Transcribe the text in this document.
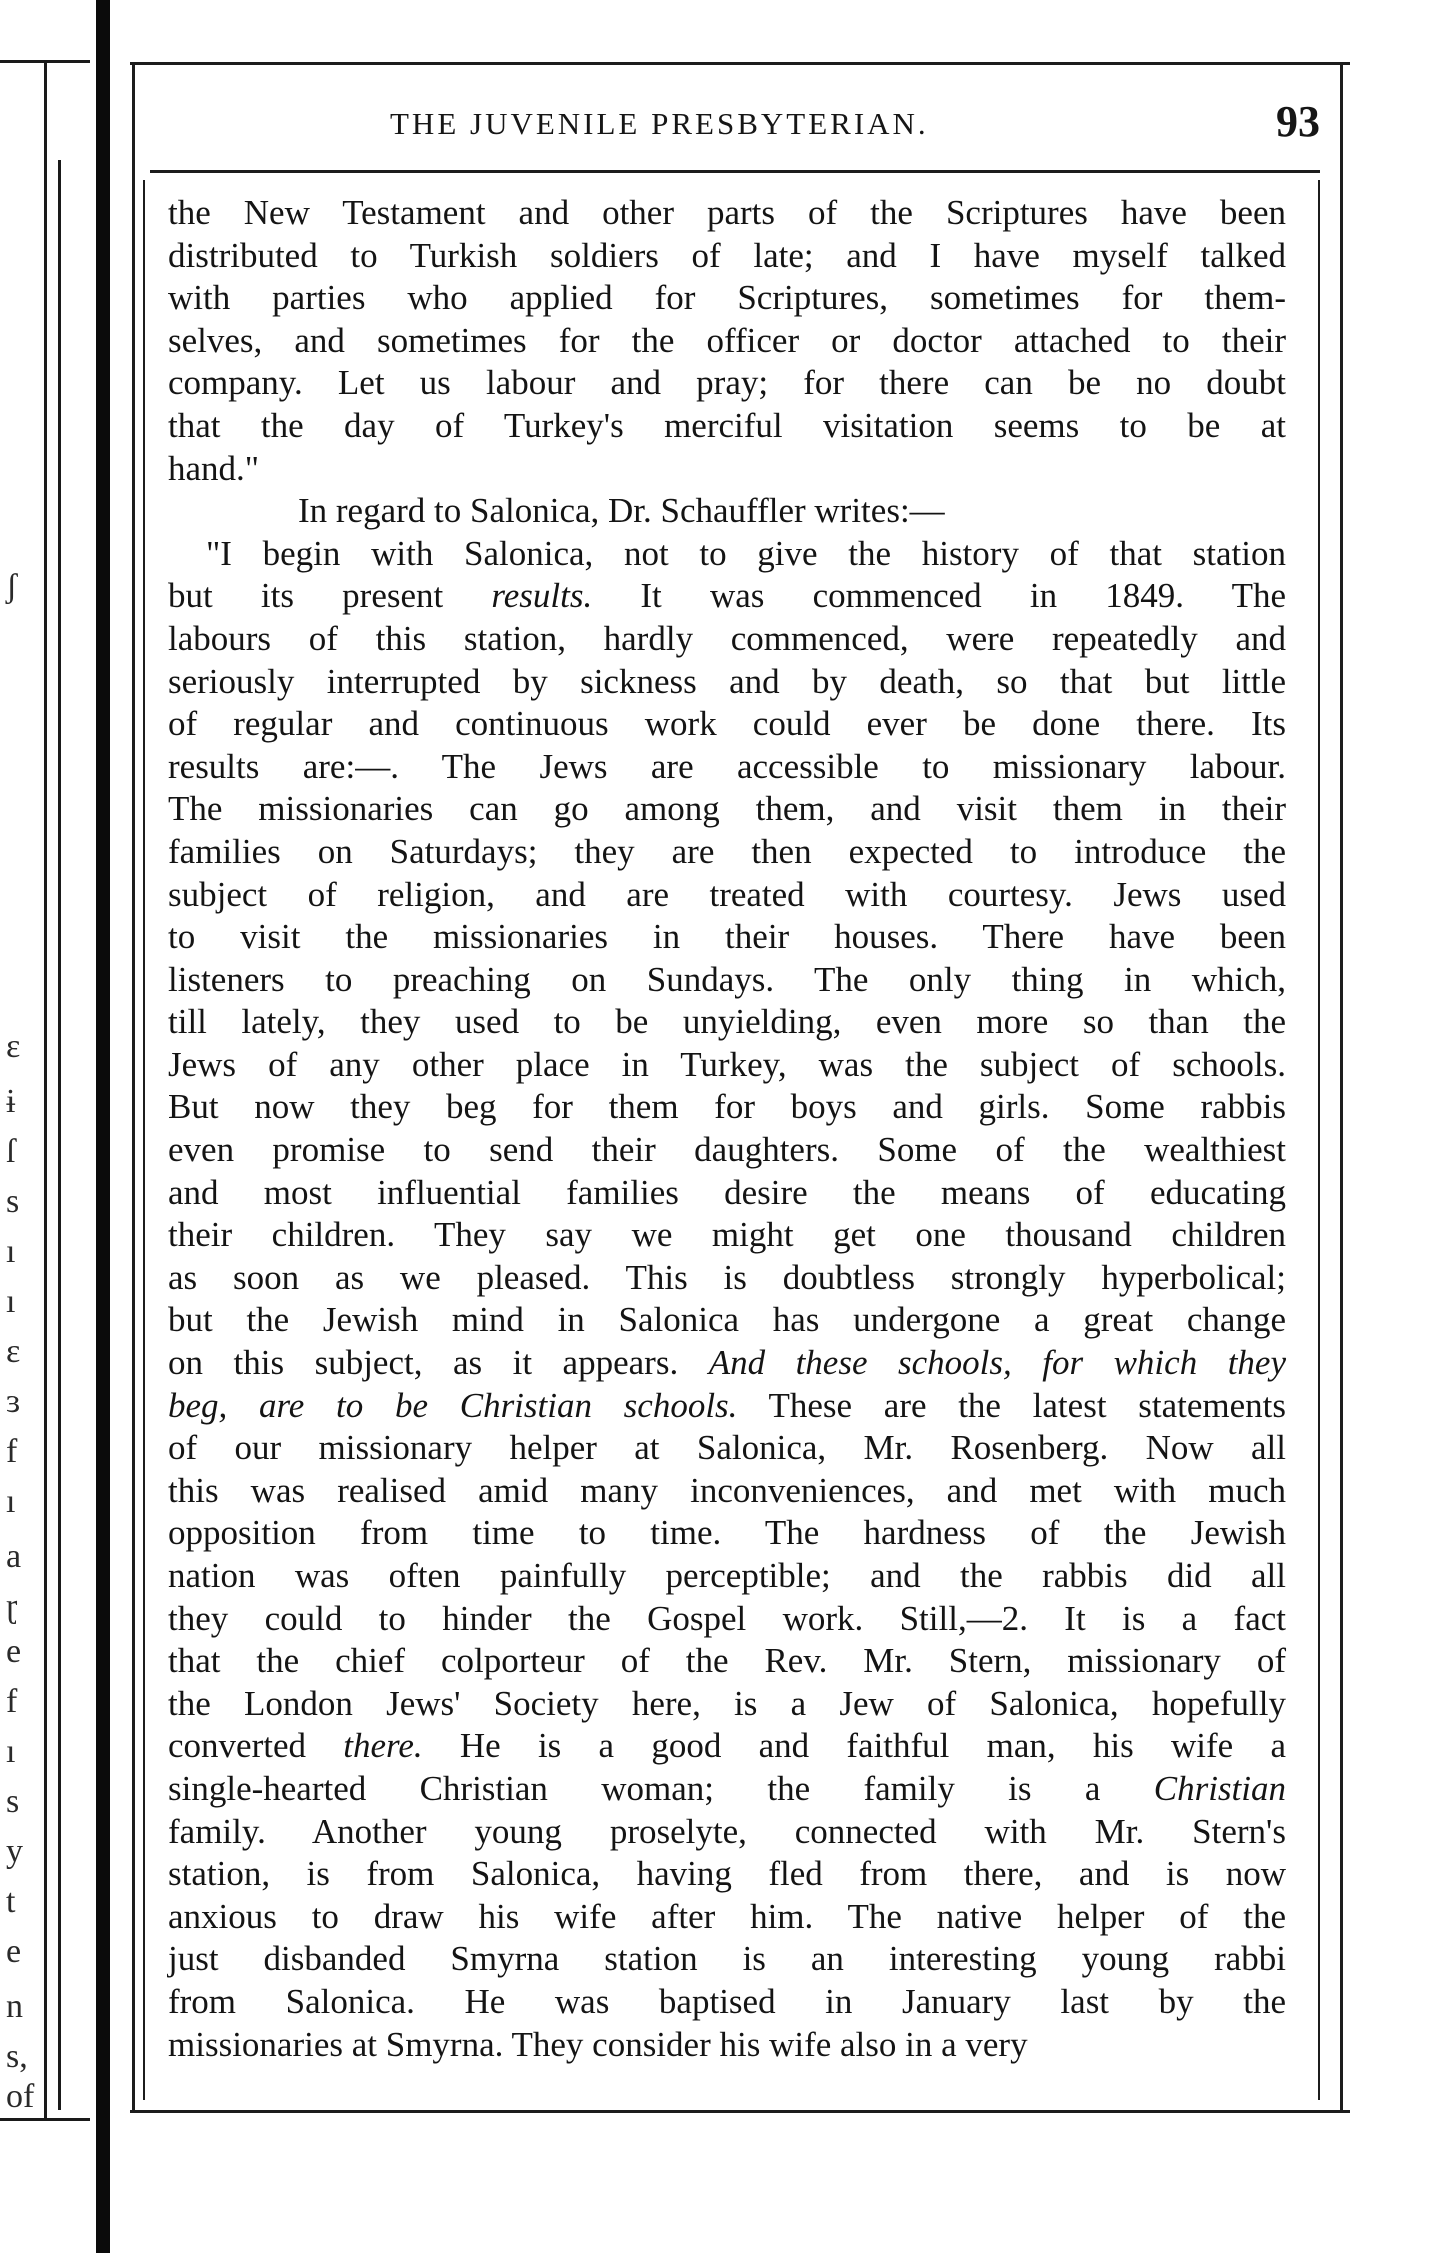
ʃ
ɛ
ɨ
ſ
s
ı
ı
ɛ
ɜ
f
ı
a
ɽ
e
f
ı
s
y
t
e
n
s,
of
THE JUVENILE PRESBYTERIAN.	93

the New Testament and other parts of the Scriptures have been
distributed to Turkish soldiers of late; and I have myself talked
with parties who applied for Scriptures, sometimes for them-
selves, and sometimes for the officer or doctor attached to their
company. Let us labour and pray; for there can be no doubt
that the day of Turkey's merciful visitation seems to be at
hand."

In regard to Salonica, Dr. Schauffler writes:—

"I begin with Salonica, not to give the history of that station
but its present results. It was commenced in 1849. The
labours of this station, hardly commenced, were repeatedly and
seriously interrupted by sickness and by death, so that but little
of regular and continuous work could ever be done there. Its
results are:—. The Jews are accessible to missionary labour.
The missionaries can go among them, and visit them in their
families on Saturdays; they are then expected to introduce the
subject of religion, and are treated with courtesy. Jews used
to visit the missionaries in their houses. There have been
listeners to preaching on Sundays. The only thing in which,
till lately, they used to be unyielding, even more so than the
Jews of any other place in Turkey, was the subject of schools.
But now they beg for them for boys and girls. Some rabbis
even promise to send their daughters. Some of the wealthiest
and most influential families desire the means of educating
their children. They say we might get one thousand children
as soon as we pleased. This is doubtless strongly hyperbolical;
but the Jewish mind in Salonica has undergone a great change
on this subject, as it appears. And these schools, for which they
beg, are to be Christian schools. These are the latest statements
of our missionary helper at Salonica, Mr. Rosenberg. Now all
this was realised amid many inconveniences, and met with much
opposition from time to time. The hardness of the Jewish
nation was often painfully perceptible; and the rabbis did all
they could to hinder the Gospel work. Still,—2. It is a fact
that the chief colporteur of the Rev. Mr. Stern, missionary of
the London Jews' Society here, is a Jew of Salonica, hopefully
converted there. He is a good and faithful man, his wife a
single-hearted Christian woman; the family is a Christian
family. Another young proselyte, connected with Mr. Stern's
station, is from Salonica, having fled from there, and is now
anxious to draw his wife after him. The native helper of the
just disbanded Smyrna station is an interesting young rabbi
from Salonica. He was baptised in January last by the
missionaries at Smyrna. They consider his wife also in a very
